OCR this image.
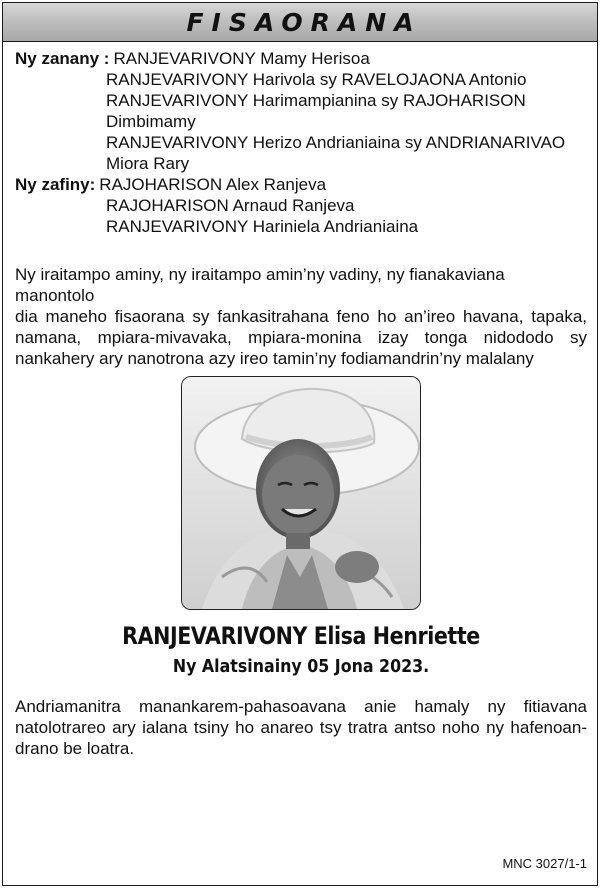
FISAORANA
Ny zanany : RANJEVARIVONY Mamy Herisoa
RANJEVARIVONY Harivola sy RAVELOJAONA Antonio
RANJEVARIVONY Harimampianina sy RAJOHARISON
Dimbimamy
RANJEVARIVONY Herizo Andrianiaina sy ANDRIANARIVAO
Miora Rary
Ny zafiny: RAJOHARISON Alex Ranjeva
RAJOHARISON Arnaud Ranjeva
RANJEVARIVONY Hariniela Andrianiaina

Ny iraitampo aminy, ny iraitampo amin’ny vadiny, ny fianakaviana
manontolo
dia maneho fisaorana sy fankasitrahana feno ho an’ireo havana, tapaka, namana, mpiara-mivavaka, mpiara-monina izay tonga nidododo sy nankahery ary nanotrona azy ireo tamin’ny fodiamandrin’ny malalany

RANJEVARIVONY Elisa Henriette
Ny Alatsinainy 05 Jona 2023.

Andriamanitra manankarem-pahasoavana anie hamaly ny fitiavana natolotrareo ary ialana tsiny ho anareo tsy tratra antso noho ny hafenoan-drano be loatra.

MNC 3027/1-1
